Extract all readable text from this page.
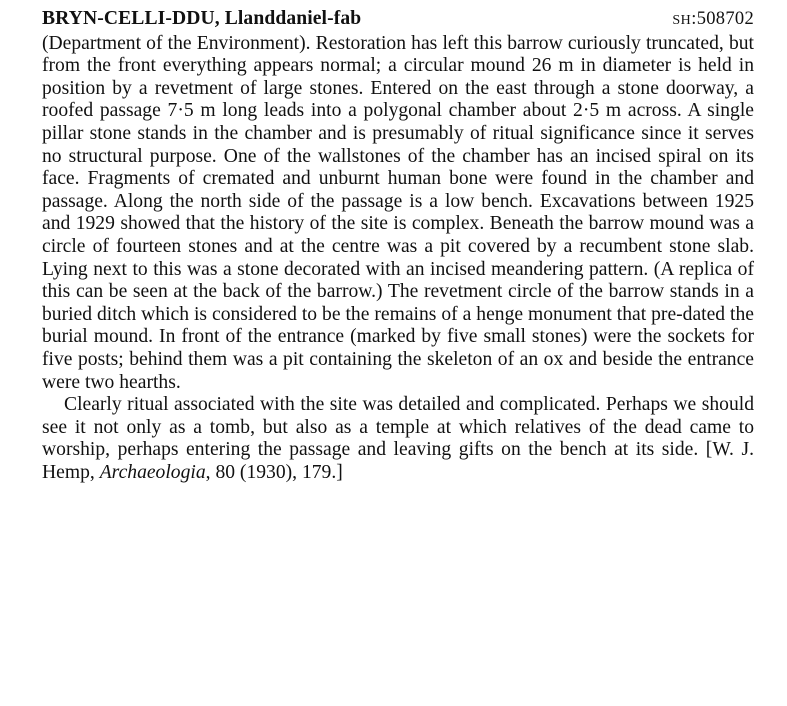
BRYN-CELLI-DDU, Llanddaniel-fab	SH:508702

(Department of the Environment). Restoration has left this barrow curiously truncated, but from the front everything appears normal; a circular mound 26 m in diameter is held in position by a revetment of large stones. Entered on the east through a stone doorway, a roofed passage 7·5 m long leads into a polygonal chamber about 2·5 m across. A single pillar stone stands in the chamber and is presumably of ritual significance since it serves no structural purpose. One of the wallstones of the chamber has an incised spiral on its face. Fragments of cremated and unburnt human bone were found in the chamber and passage. Along the north side of the passage is a low bench. Excavations between 1925 and 1929 showed that the history of the site is complex. Beneath the barrow mound was a circle of fourteen stones and at the centre was a pit covered by a recumbent stone slab. Lying next to this was a stone decorated with an incised meandering pattern. (A replica of this can be seen at the back of the barrow.) The revetment circle of the barrow stands in a buried ditch which is considered to be the remains of a henge monument that pre-dated the burial mound. In front of the entrance (marked by five small stones) were the sockets for five posts; behind them was a pit containing the skeleton of an ox and beside the entrance were two hearths.

Clearly ritual associated with the site was detailed and complicated. Perhaps we should see it not only as a tomb, but also as a temple at which relatives of the dead came to worship, perhaps entering the passage and leaving gifts on the bench at its side. [W. J. Hemp, Archaeologia, 80 (1930), 179.]
